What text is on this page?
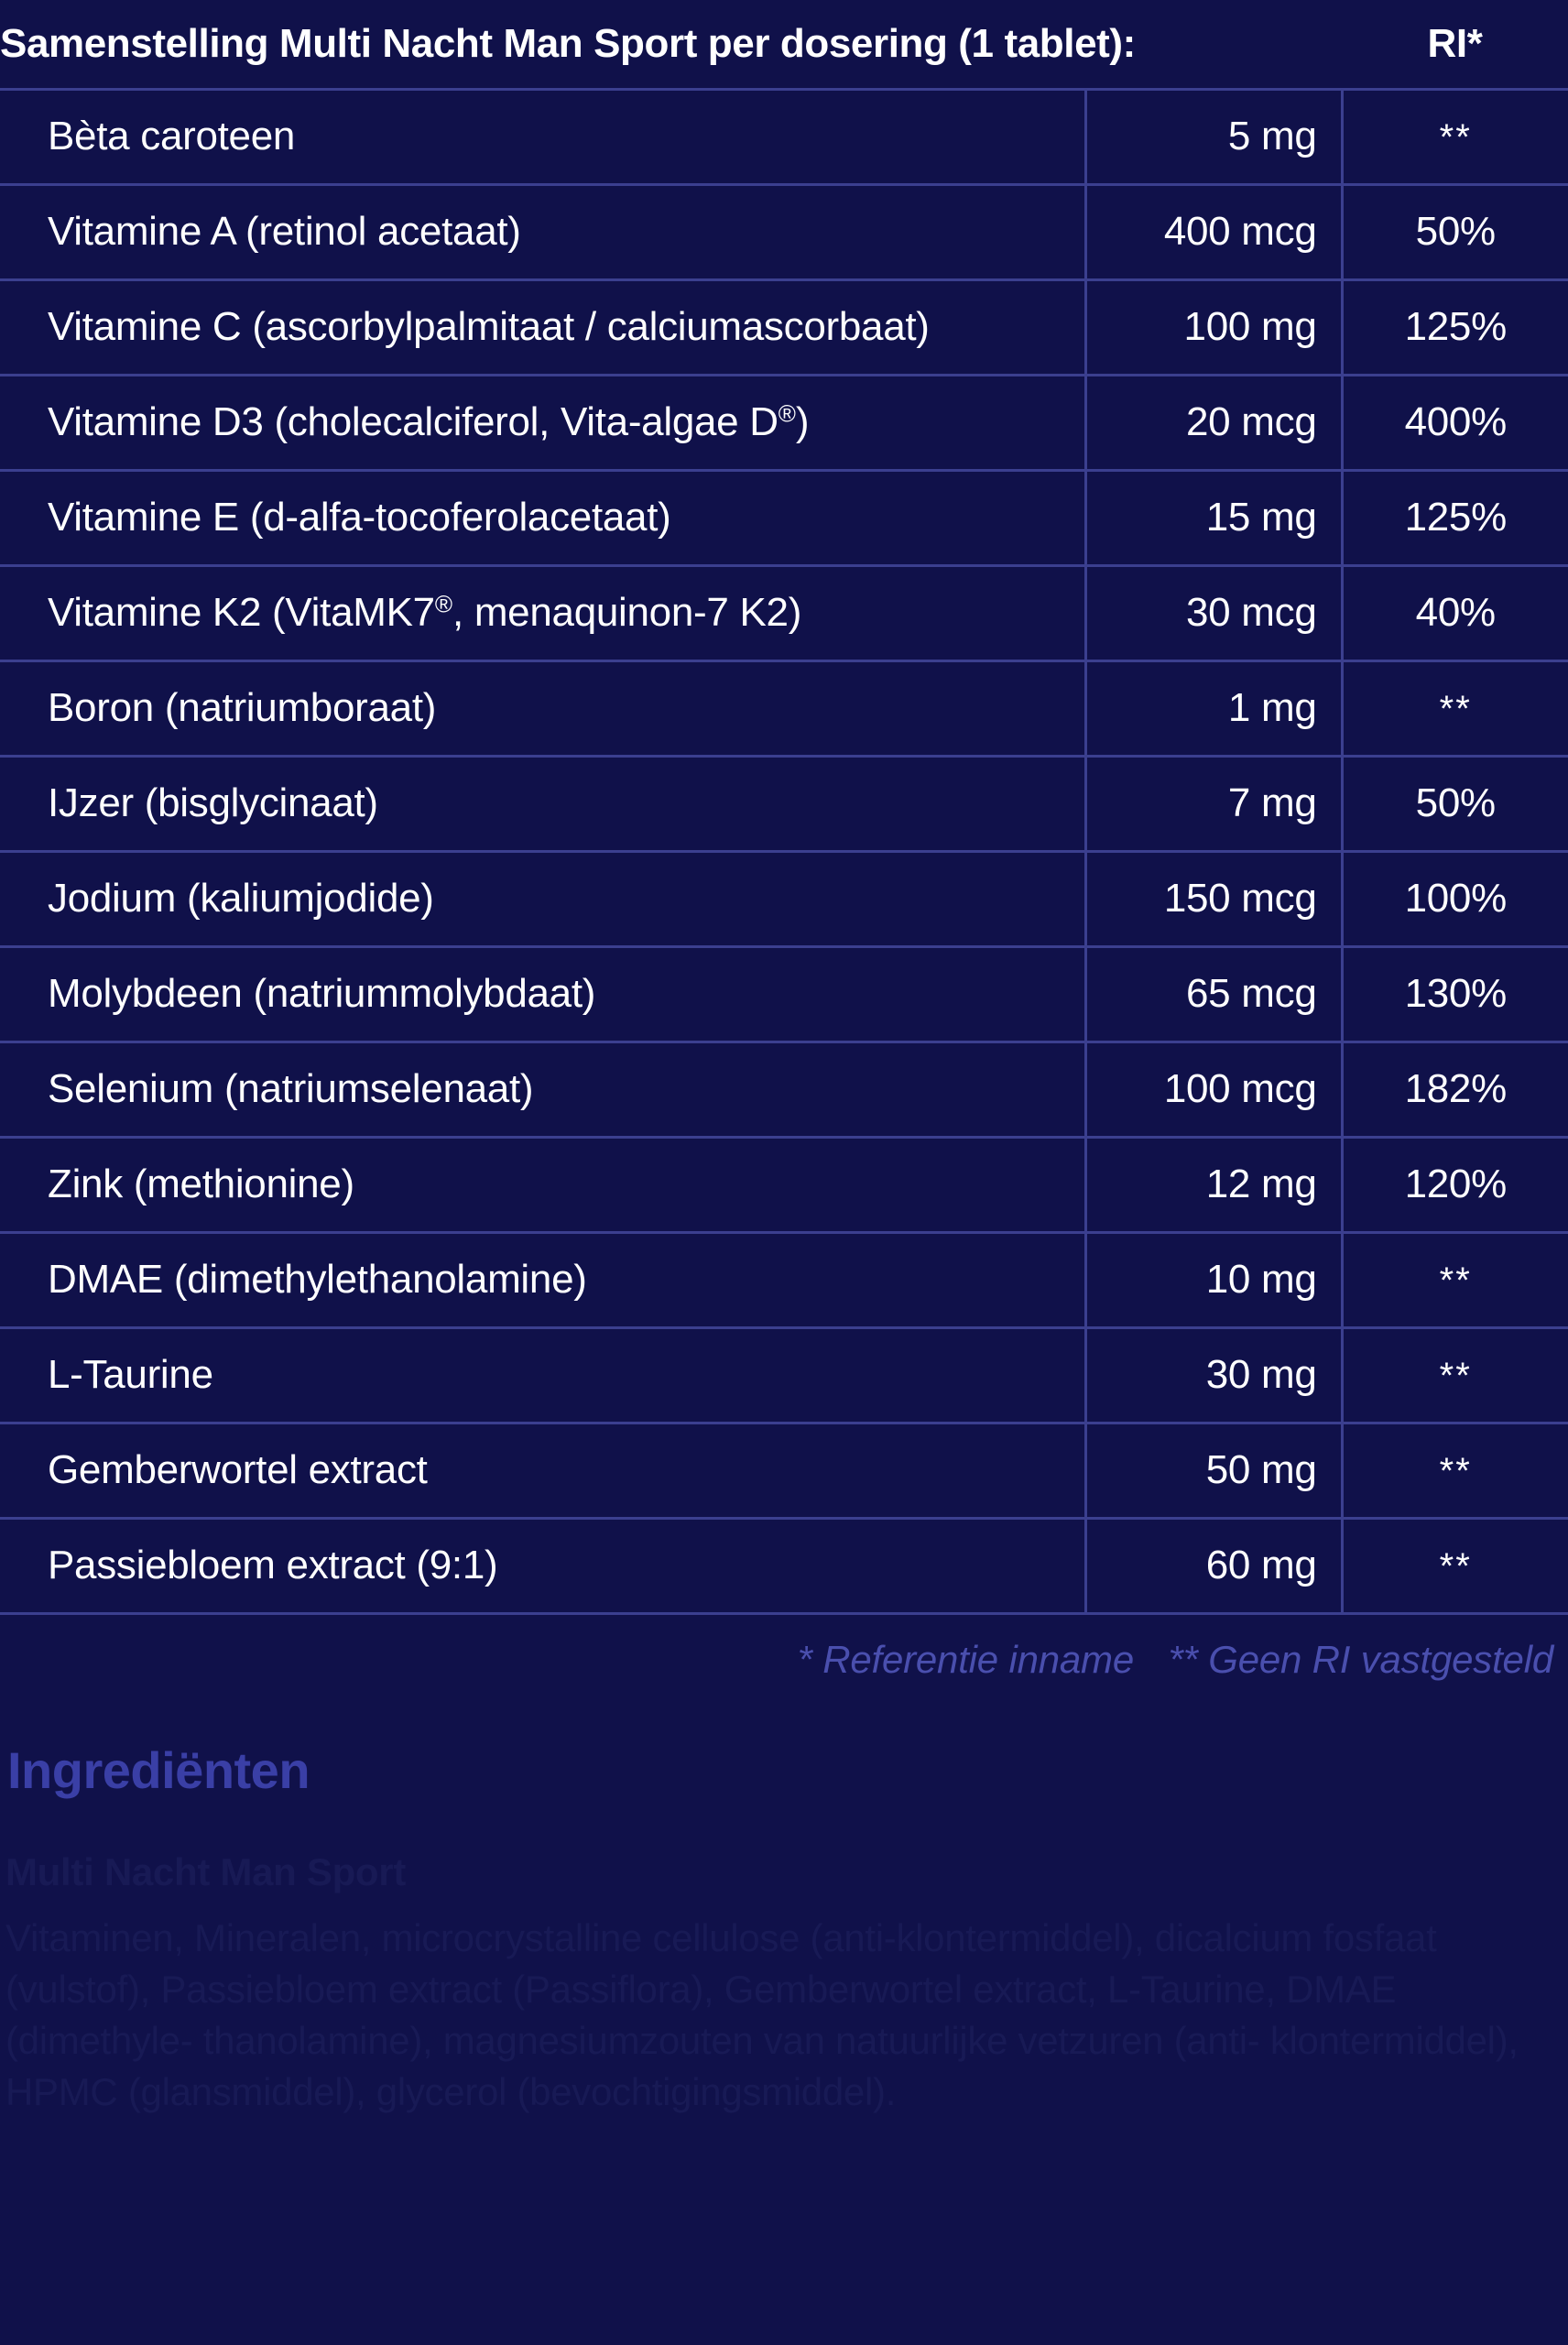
Samenstelling Multi Nacht Man Sport per dosering (1 tablet):		RI*
Bèta caroteen	5 mg	**
Vitamine A (retinol acetaat)	400 mcg	50%
Vitamine C (ascorbylpalmitaat / calciumascorbaat)	100 mg	125%
Vitamine D3 (cholecalciferol, Vita-algae D®)	20 mcg	400%
Vitamine E (d-alfa-tocoferolacetaat)	15 mg	125%
Vitamine K2 (VitaMK7®, menaquinon-7 K2)	30 mcg	40%
Boron (natriumboraat)	1 mg	**
IJzer (bisglycinaat)	7 mg	50%
Jodium (kaliumjodide)	150 mcg	100%
Molybdeen (natriummolybdaat)	65 mcg	130%
Selenium (natriumselenaat)	100 mcg	182%
Zink (methionine)	12 mg	120%
DMAE (dimethylethanolamine)	10 mg	**
L-Taurine	30 mg	**
Gemberwortel extract	50 mg	**
Passiebloem extract (9:1)	60 mg	**
* Referentie inname ** Geen RI vastgesteld
Ingrediënten
Multi Nacht Man Sport

Vitaminen, Mineralen, microcrystalline cellulose (anti-klontermiddel), dicalcium fosfaat (vulstof), Passiebloem extract (Passiflora), Gemberwortel extract, L-Taurine, DMAE (dimethyle- thanolamine), magnesiumzouten van natuurlijke vetzuren (anti- klontermiddel), HPMC (glansmiddel), glycerol (bevochtigingsmiddel).
